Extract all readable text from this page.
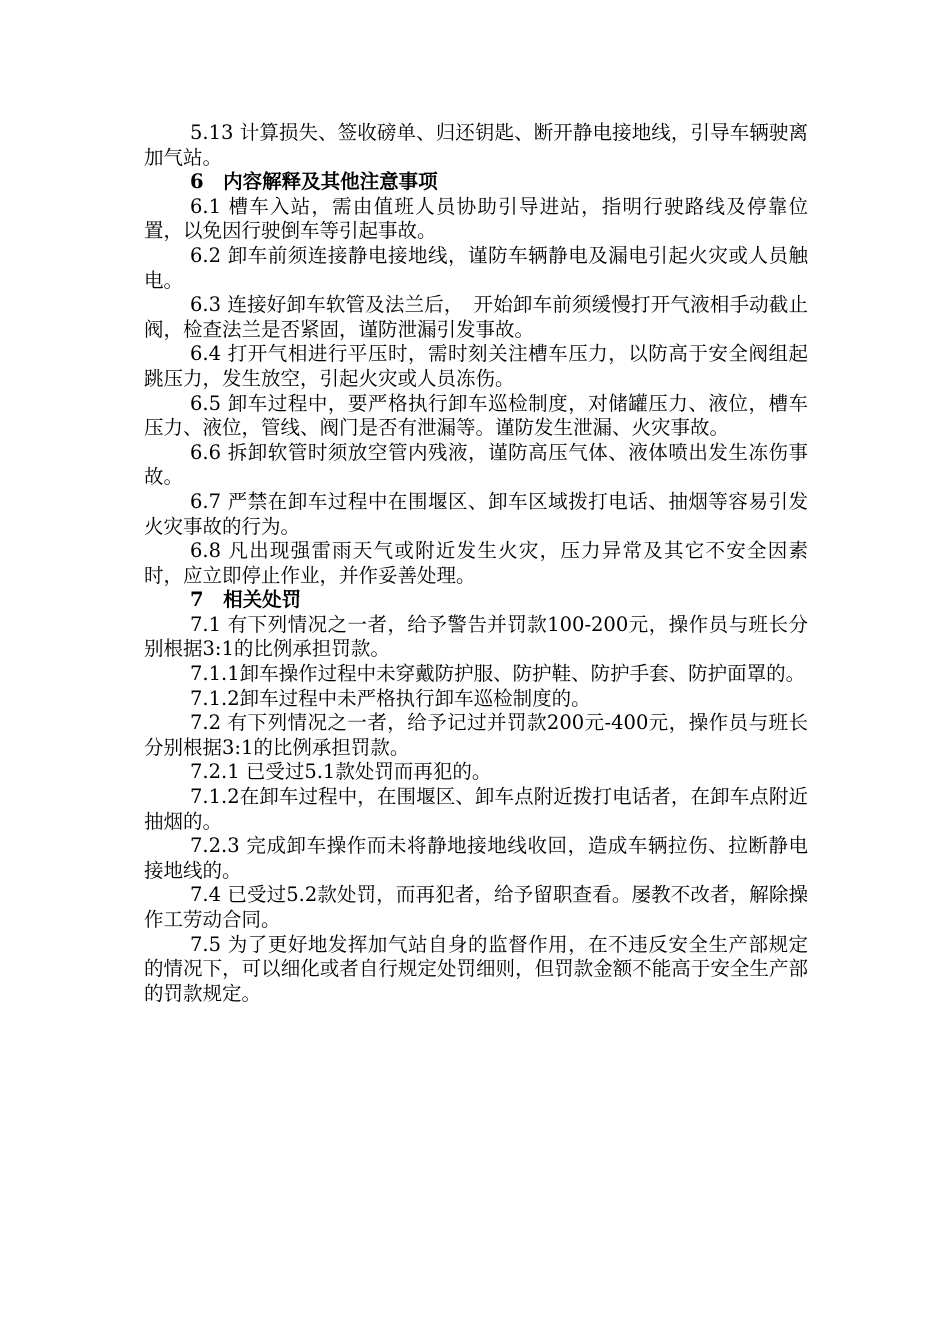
5.13 计算损失、签收磅单、归还钥匙、断开静电接地线，引导车辆驶离加气站。

6　内容解释及其他注意事项

6.1 槽车入站，需由值班人员协助引导进站，指明行驶路线及停靠位置，以免因行驶倒车等引起事故。

6.2 卸车前须连接静电接地线，谨防车辆静电及漏电引起火灾或人员触电。

6.3 连接好卸车软管及法兰后，　开始卸车前须缓慢打开气液相手动截止阀，检查法兰是否紧固，谨防泄漏引发事故。

6.4 打开气相进行平压时，需时刻关注槽车压力，以防高于安全阀组起跳压力，发生放空，引起火灾或人员冻伤。

6.5 卸车过程中，要严格执行卸车巡检制度，对储罐压力、液位，槽车压力、液位，管线、阀门是否有泄漏等。谨防发生泄漏、火灾事故。

6.6 拆卸软管时须放空管内残液，谨防高压气体、液体喷出发生冻伤事故。

6.7 严禁在卸车过程中在围堰区、卸车区域拨打电话、抽烟等容易引发火灾事故的行为。

6.8 凡出现强雷雨天气或附近发生火灾，压力异常及其它不安全因素时，应立即停止作业，并作妥善处理。

7　相关处罚

7.1 有下列情况之一者，给予警告并罚款100-200元，操作员与班长分别根据3:1的比例承担罚款。

7.1.1卸车操作过程中未穿戴防护服、防护鞋、防护手套、防护面罩的。

7.1.2卸车过程中未严格执行卸车巡检制度的。

7.2 有下列情况之一者，给予记过并罚款200元-400元，操作员与班长分别根据3:1的比例承担罚款。

7.2.1 已受过5.1款处罚而再犯的。

7.1.2在卸车过程中，在围堰区、卸车点附近拨打电话者，在卸车点附近抽烟的。

7.2.3 完成卸车操作而未将静地接地线收回，造成车辆拉伤、拉断静电接地线的。

7.4 已受过5.2款处罚，而再犯者，给予留职查看。屡教不改者，解除操作工劳动合同。

7.5 为了更好地发挥加气站自身的监督作用，在不违反安全生产部规定的情况下，可以细化或者自行规定处罚细则，但罚款金额不能高于安全生产部的罚款规定。
